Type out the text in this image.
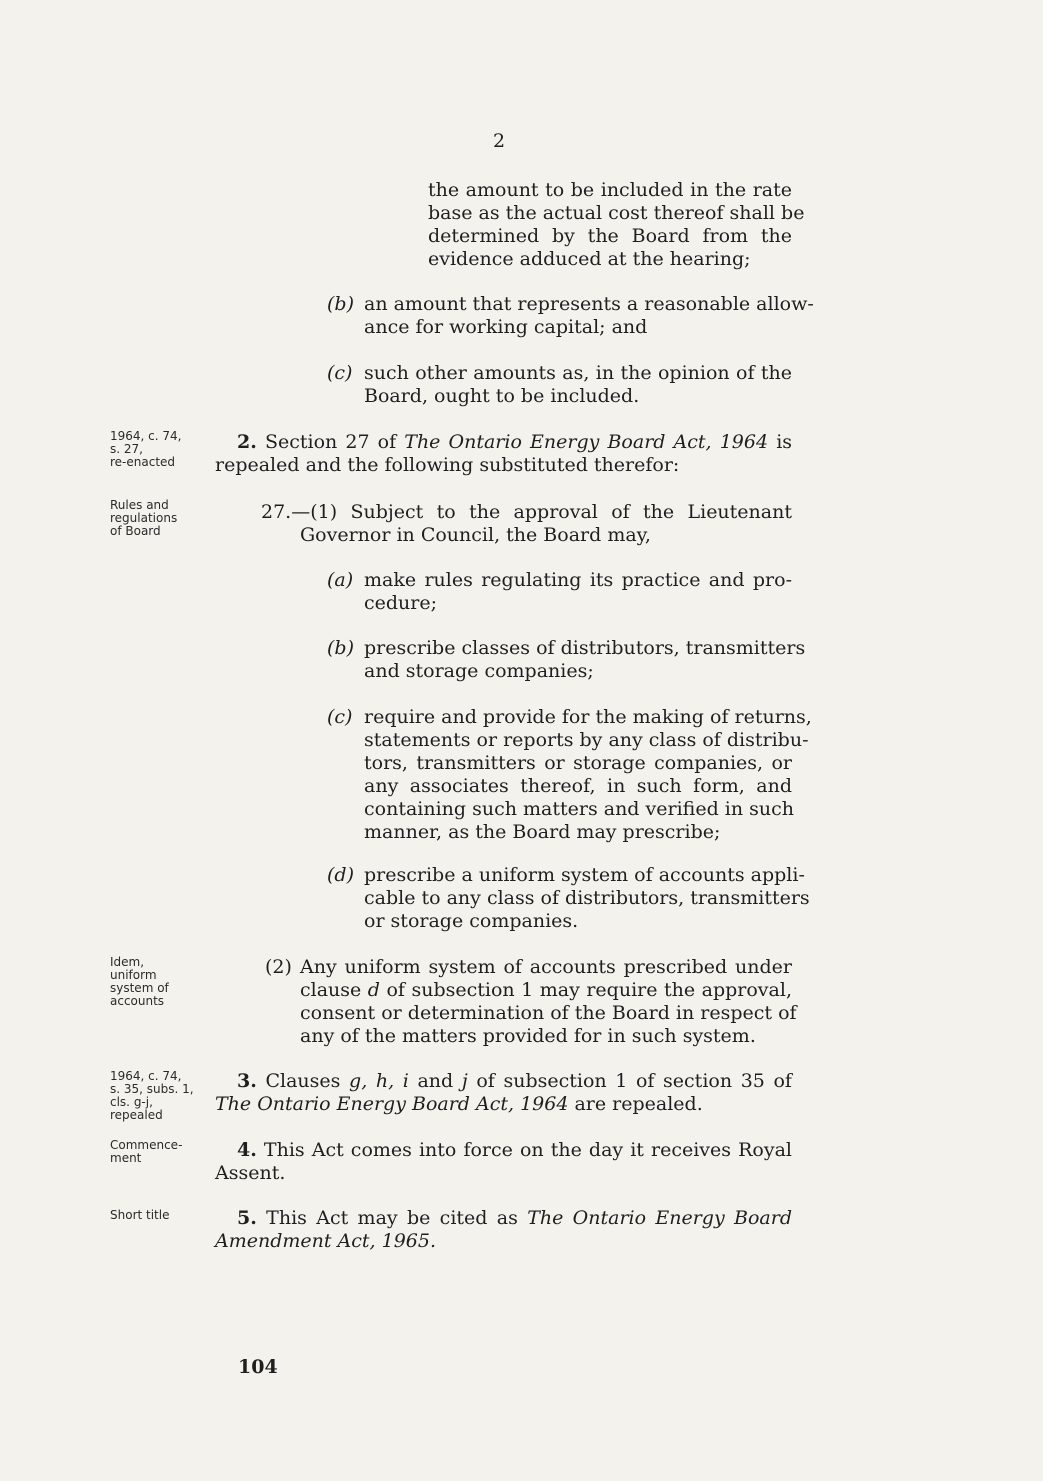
2
the amount to be included in the rate
base as the actual cost thereof shall be
determined by the Board from the
evidence adduced at the hearing;
(b) an amount that represents a reasonable allow-
ance for working capital; and
(c) such other amounts as, in the opinion of the
Board, ought to be included.
1964, c. 74,
s. 27,
re-enacted
2. Section 27 of The Ontario Energy Board Act, 1964 is
repealed and the following substituted therefor:
Rules and
regulations
of Board
27.—(1) Subject to the approval of the Lieutenant
Governor in Council, the Board may,
(a) make rules regulating its practice and pro-
cedure;
(b) prescribe classes of distributors, transmitters
and storage companies;
(c) require and provide for the making of returns,
statements or reports by any class of distribu-
tors, transmitters or storage companies, or
any associates thereof, in such form, and
containing such matters and verified in such
manner, as the Board may prescribe;
(d) prescribe a uniform system of accounts appli-
cable to any class of distributors, transmitters
or storage companies.
Idem,
uniform
system of
accounts
(2) Any uniform system of accounts prescribed under
clause d of subsection 1 may require the approval,
consent or determination of the Board in respect of
any of the matters provided for in such system.
1964, c. 74,
s. 35, subs. 1,
cls. g-j,
repealed
3. Clauses g, h, i and j of subsection 1 of section 35 of
The Ontario Energy Board Act, 1964 are repealed.
Commence-
ment	4. This Act comes into force on the day it receives Royal
Assent.
Short title	5. This Act may be cited as The Ontario Energy Board
Amendment Act, 1965.
104
